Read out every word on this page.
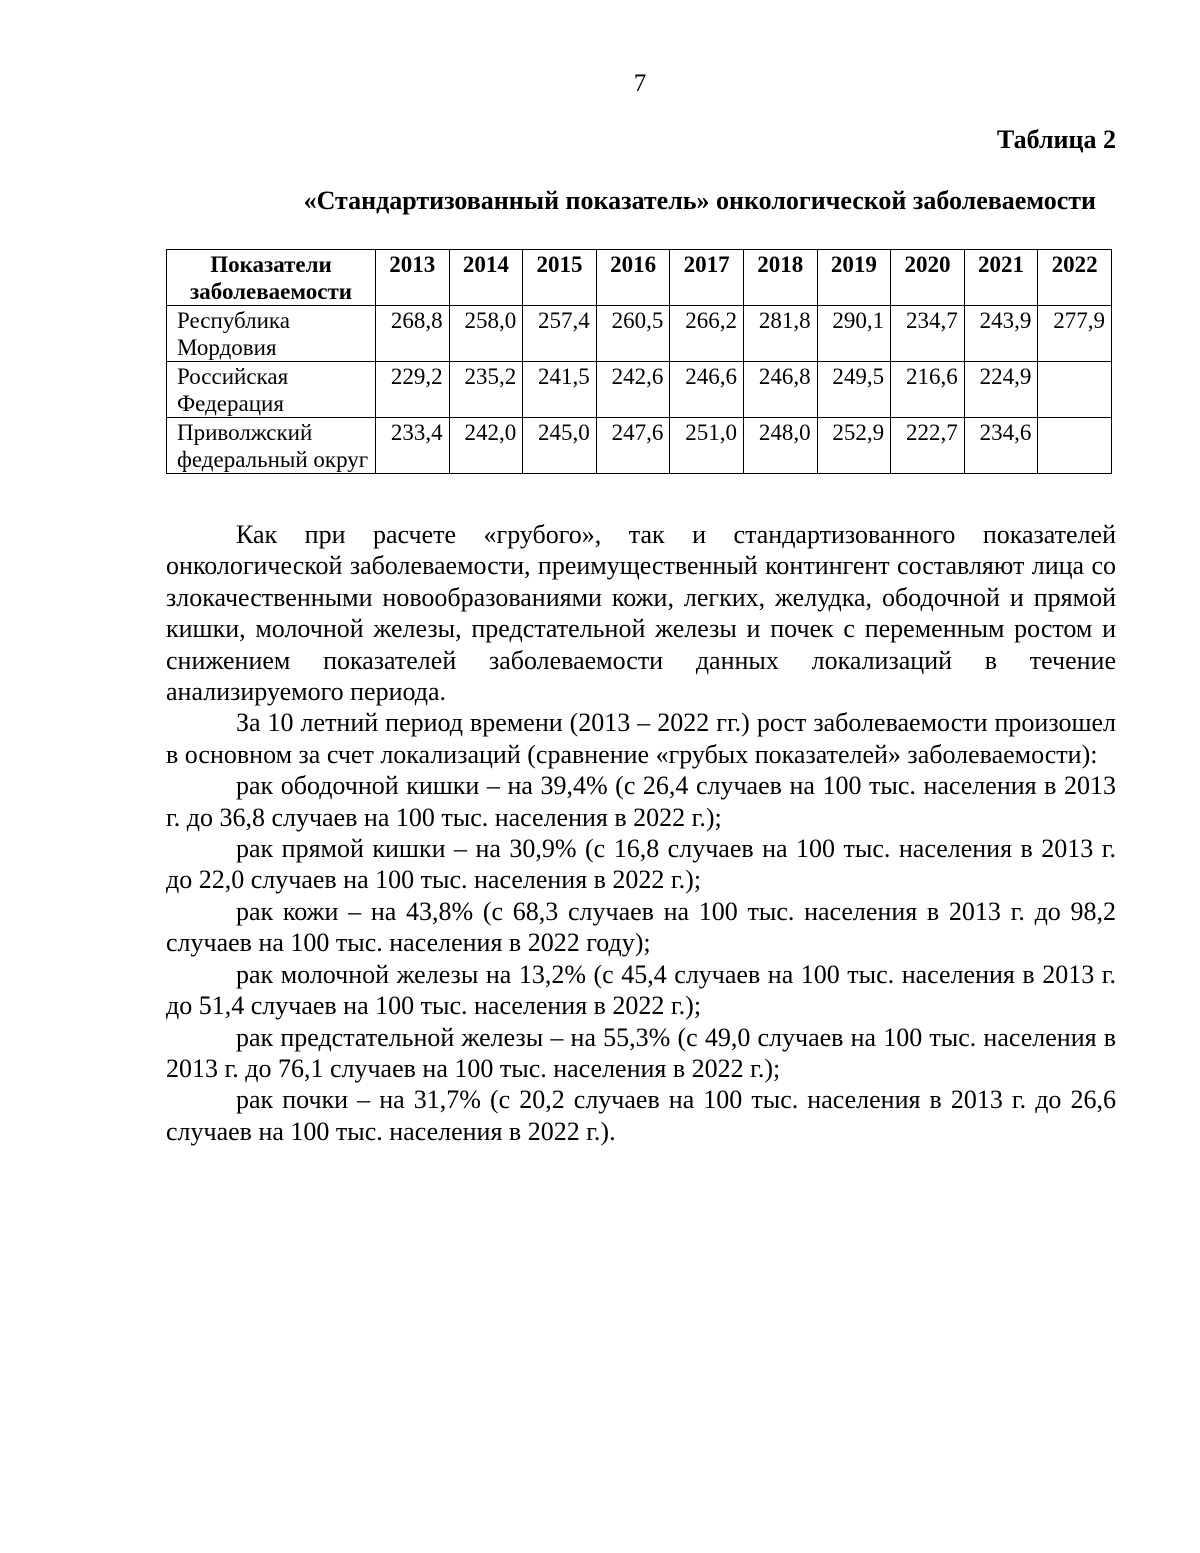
7
Таблица 2
«Стандартизованный показатель» онкологической заболеваемости
Показатели заболеваемости	2013	2014	2015	2016	2017	2018	2019	2020	2021	2022
Республика Мордовия	268,8	258,0	257,4	260,5	266,2	281,8	290,1	234,7	243,9	277,9
Российская Федерация	229,2	235,2	241,5	242,6	246,6	246,8	249,5	216,6	224,9	
Приволжский федеральный округ	233,4	242,0	245,0	247,6	251,0	248,0	252,9	222,7	234,6	

Как при расчете «грубого», так и стандартизованного показателей онкологической заболеваемости, преимущественный контингент составляют лица со злокачественными новообразованиями кожи, легких, желудка, ободочной и прямой кишки, молочной железы, предстательной железы и почек с переменным ростом и снижением показателей заболеваемости данных локализаций в течение анализируемого периода.

За 10 летний период времени (2013 – 2022 гг.) рост заболеваемости произошел в основном за счет локализаций (сравнение «грубых показателей» заболеваемости):

рак ободочной кишки – на 39,4% (с 26,4 случаев на 100 тыс. населения в 2013 г. до 36,8 случаев на 100 тыс. населения в 2022 г.);

рак прямой кишки – на 30,9% (с 16,8 случаев на 100 тыс. населения в 2013 г. до 22,0 случаев на 100 тыс. населения в 2022 г.);

рак кожи – на 43,8% (с 68,3 случаев на 100 тыс. населения в 2013 г. до 98,2 случаев на 100 тыс. населения в 2022 году);

рак молочной железы на 13,2% (с 45,4 случаев на 100 тыс. населения в 2013 г. до 51,4 случаев на 100 тыс. населения в 2022 г.);

рак предстательной железы – на 55,3% (с 49,0 случаев на 100 тыс. населения в 2013 г. до 76,1 случаев на 100 тыс. населения в 2022 г.);

рак почки – на 31,7% (с 20,2 случаев на 100 тыс. населения в 2013 г. до 26,6 случаев на 100 тыс. населения в 2022 г.).
